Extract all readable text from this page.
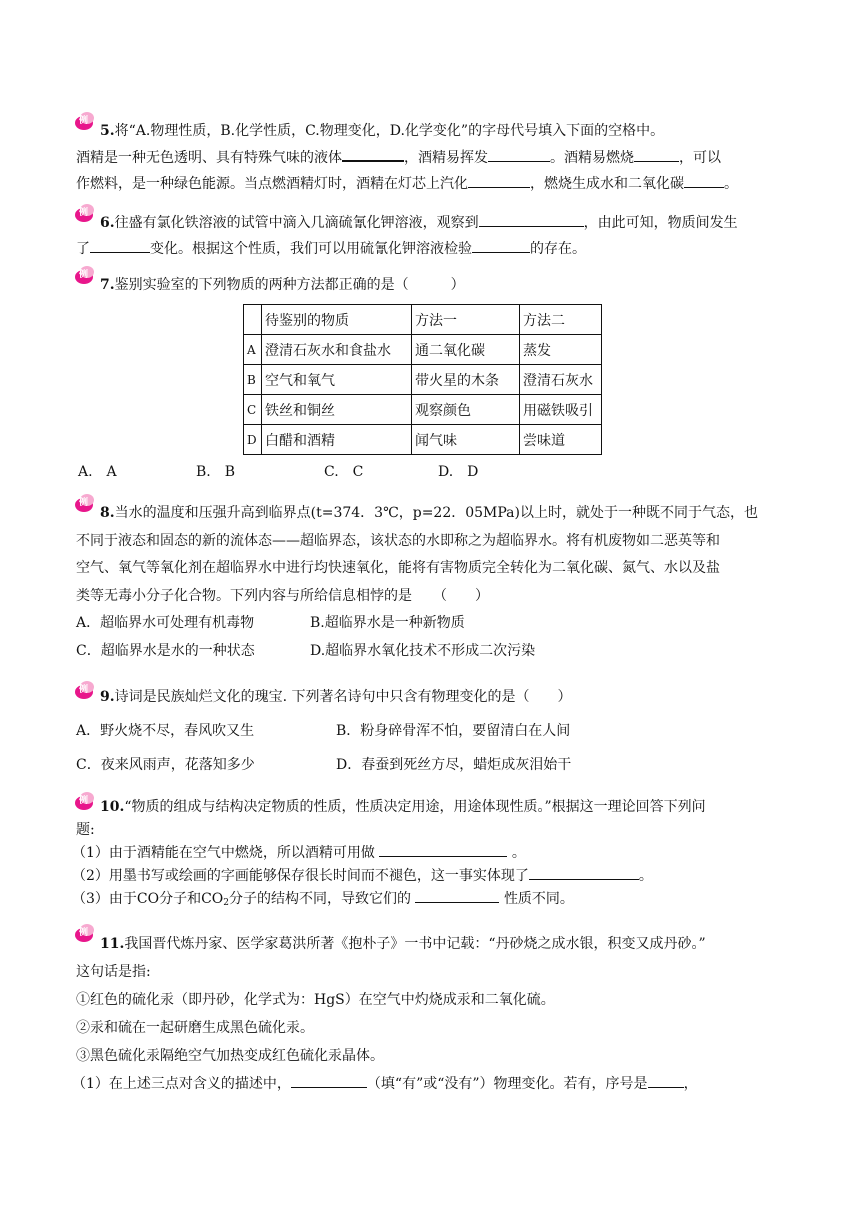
例
5.将“A.物理性质，B.化学性质，C.物理变化，D.化学变化”的字母代号填入下面的空格中。
酒精是一种无色透明、具有特殊气味的液体	，酒精易挥发	。酒精易燃烧	，可以
作燃料，是一种绿色能源。当点燃酒精灯时，酒精在灯芯上汽化	，燃烧生成水和二氧化碳	。
例
6.往盛有氯化铁溶液的试管中滴入几滴硫氰化钾溶液，观察到	，由此可知，物质间发生
了	变化。根据这个性质，我们可以用硫氰化钾溶液检验	的存在。
例
7.鉴别实验室的下列物质的两种方法都正确的是（　　　）
	待鉴别的物质	方法一	方法二
A	澄清石灰水和食盐水	通二氧化碳	蒸发
B	空气和氧气	带火星的木条	澄清石灰水
C	铁丝和铜丝	观察颜色	用磁铁吸引
D	白醋和酒精	闻气味	尝味道
A.　A	B.　B	C.　C	D.　D
例
8.当水的温度和压强升高到临界点(t=374．3℃，p=22．05MPa)以上时，就处于一种既不同于气态，也
不同于液态和固态的新的流体态——超临界态，该状态的水即称之为超临界水。将有机废物如二恶英等和
空气、氧气等氧化剂在超临界水中进行均快速氧化，能将有害物质完全转化为二氧化碳、氮气、水以及盐
类等无毒小分子化合物。下列内容与所给信息相悖的是　　（　　）
A．超临界水可处理有机毒物	B.超临界水是一种新物质
C．超临界水是水的一种状态	D.超临界水氧化技术不形成二次污染
例 9.诗词是民族灿烂文化的瑰宝. 下列著名诗句中只含有物理变化的是（　　）
A．野火烧不尽，春风吹又生	B．粉身碎骨浑不怕，要留清白在人间
C．夜来风雨声，花落知多少	D．春蚕到死丝方尽，蜡炬成灰泪始干
例 10.“物质的组成与结构决定物质的性质，性质决定用途，用途体现性质。”根据这一理论回答下列问
题:
（1）由于酒精能在空气中燃烧，所以酒精可用做	。
（2）用墨书写或绘画的字画能够保存很长时间而不褪色，这一事实体现了	。
（3）由于CO分子和$CO_2$分子的结构不同，导致它们的	性质不同。
例
11.我国晋代炼丹家、医学家葛洪所著《抱朴子》一书中记载：“丹砂烧之成水银，积变又成丹砂。”
这句话是指:
①红色的硫化汞（即丹砂，化学式为：HgS）在空气中灼烧成汞和二氧化硫。
②汞和硫在一起研磨生成黑色硫化汞。
③黑色硫化汞隔绝空气加热变成红色硫化汞晶体。
（1）在上述三点对含义的描述中，	（填“有”或“没有”）物理变化。若有，序号是	，
